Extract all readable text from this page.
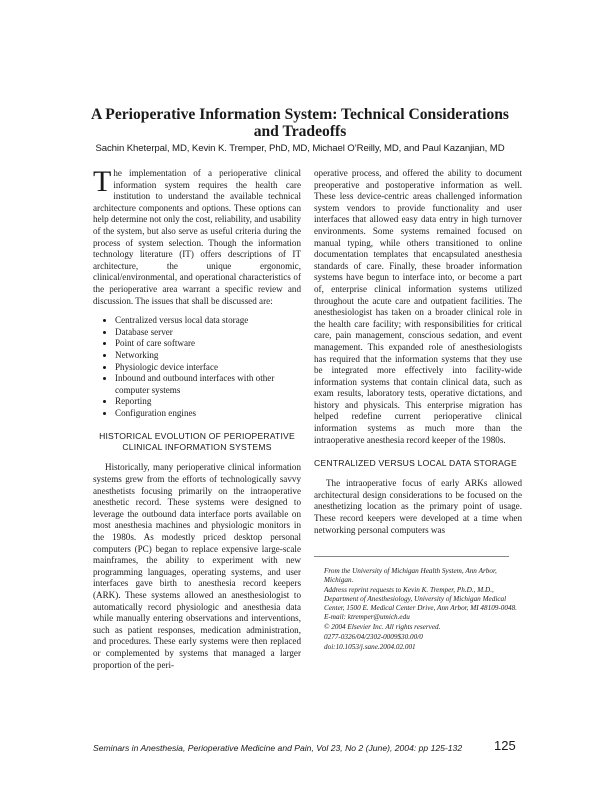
A Perioperative Information System: Technical Considerations
and Tradeoffs
Sachin Kheterpal, MD, Kevin K. Tremper, PhD, MD, Michael O’Reilly, MD, and Paul Kazanjian, MD

The implementation of a perioperative clinical information system requires the health care institution to understand the available technical architecture components and options. These options can help determine not only the cost, reliability, and usability of the system, but also serve as useful criteria during the process of system selection. Though the information technology literature (IT) offers descriptions of IT architecture, the unique ergonomic, clinical/environmental, and operational characteristics of the perioperative area warrant a specific review and discussion. The issues that shall be discussed are:

• Centralized versus local data storage
• Database server
• Point of care software
• Networking
• Physiologic device interface
• Inbound and outbound interfaces with other computer systems
• Reporting
• Configuration engines
HISTORICAL EVOLUTION OF PERIOPERATIVE
CLINICAL INFORMATION SYSTEMS

Historically, many perioperative clinical information systems grew from the efforts of technologically savvy anesthetists focusing primarily on the intraoperative anesthetic record. These systems were designed to leverage the outbound data interface ports available on most anesthesia machines and physiologic monitors in the 1980s. As modestly priced desktop personal computers (PC) began to replace expensive large-scale mainframes, the ability to experiment with new programming languages, operating systems, and user interfaces gave birth to anesthesia record keepers (ARK). These systems allowed an anesthesiologist to automatically record physiologic and anesthesia data while manually entering observations and interventions, such as patient responses, medication administration, and procedures. These early systems were then replaced or complemented by systems that managed a larger proportion of the peri-

operative process, and offered the ability to document preoperative and postoperative information as well. These less device-centric areas challenged information system vendors to provide functionality and user interfaces that allowed easy data entry in high turnover environments. Some systems remained focused on manual typing, while others transitioned to online documentation templates that encapsulated anesthesia standards of care. Finally, these broader information systems have begun to interface into, or become a part of, enterprise clinical information systems utilized throughout the acute care and outpatient facilities. The anesthesiologist has taken on a broader clinical role in the health care facility; with responsibilities for critical care, pain management, conscious sedation, and event management. This expanded role of anesthesiologists has required that the information systems that they use be integrated more effectively into facility-wide information systems that contain clinical data, such as exam results, laboratory tests, operative dictations, and history and physicals. This enterprise migration has helped redefine current perioperative clinical information systems as much more than the intraoperative anesthesia record keeper of the 1980s.

CENTRALIZED VERSUS LOCAL DATA STORAGE

The intraoperative focus of early ARKs allowed architectural design considerations to be focused on the anesthetizing location as the primary point of usage. These record keepers were developed at a time when networking personal computers was

From the University of Michigan Health System, Ann Arbor, Michigan.

Address reprint requests to Kevin K. Tremper, Ph.D., M.D., Department of Anesthesiology, University of Michigan Medical Center, 1500 E. Medical Center Drive, Ann Arbor, MI 48109-0048. E-mail: ktremper@umich.edu

© 2004 Elsevier Inc. All rights reserved.

0277-0326/04/2302-0009$30.00/0

doi:10.1053/j.sane.2004.02.001

Seminars in Anesthesia, Perioperative Medicine and Pain, Vol 23, No 2 (June), 2004: pp 125-132 125
